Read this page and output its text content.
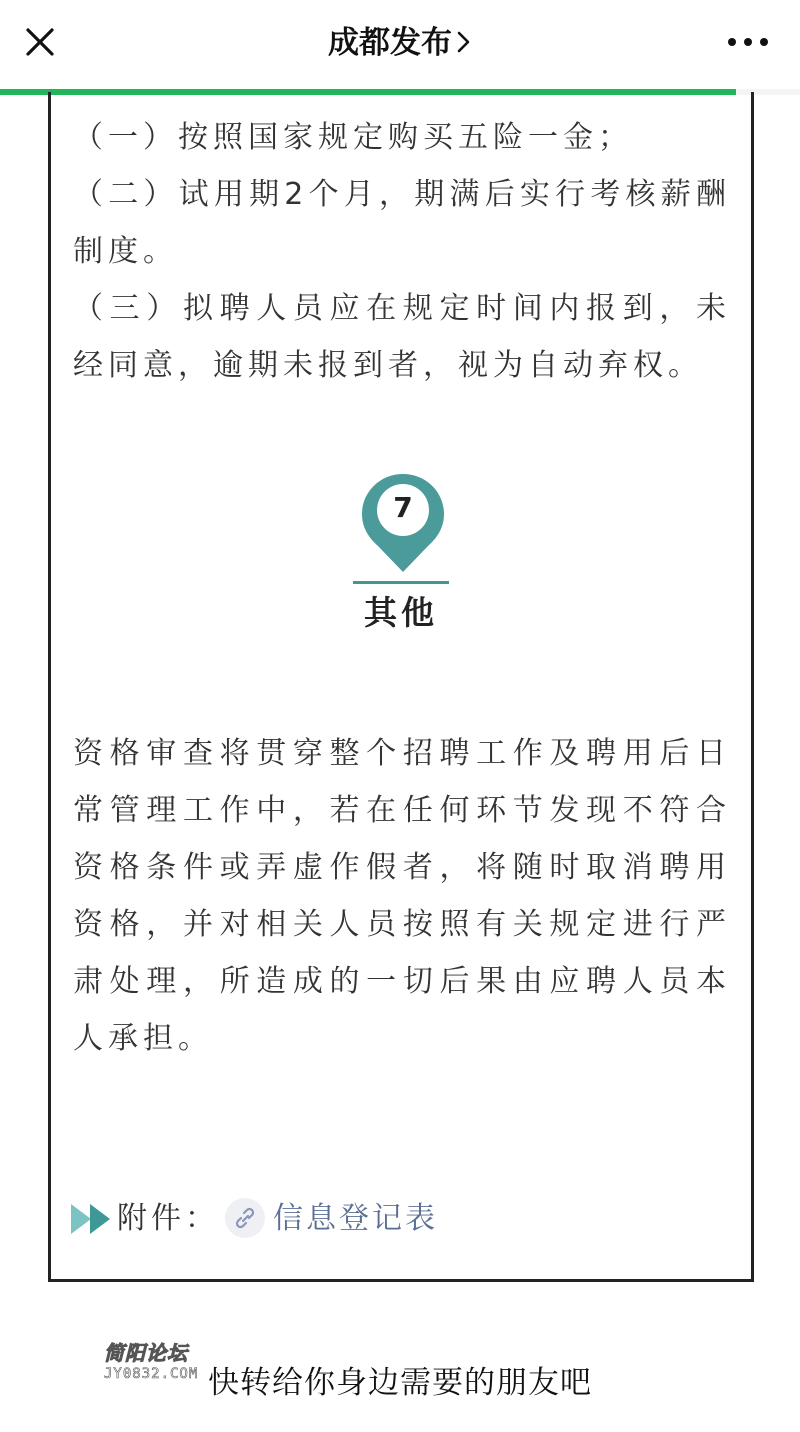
成都发布
（一）按照国家规定购买五险一金；
（二）试用期2个月，期满后实行考核薪酬制度。
（三）拟聘人员应在规定时间内报到，未经同意，逾期未报到者，视为自动弃权。
7
其他
资格审查将贯穿整个招聘工作及聘用后日常管理工作中，若在任何环节发现不符合资格条件或弄虚作假者，将随时取消聘用资格，并对相关人员按照有关规定进行严肃处理，所造成的一切后果由应聘人员本人承担。
附件： 信息登记表
快转给你身边需要的朋友吧
简阳论坛
JY0832.COM
